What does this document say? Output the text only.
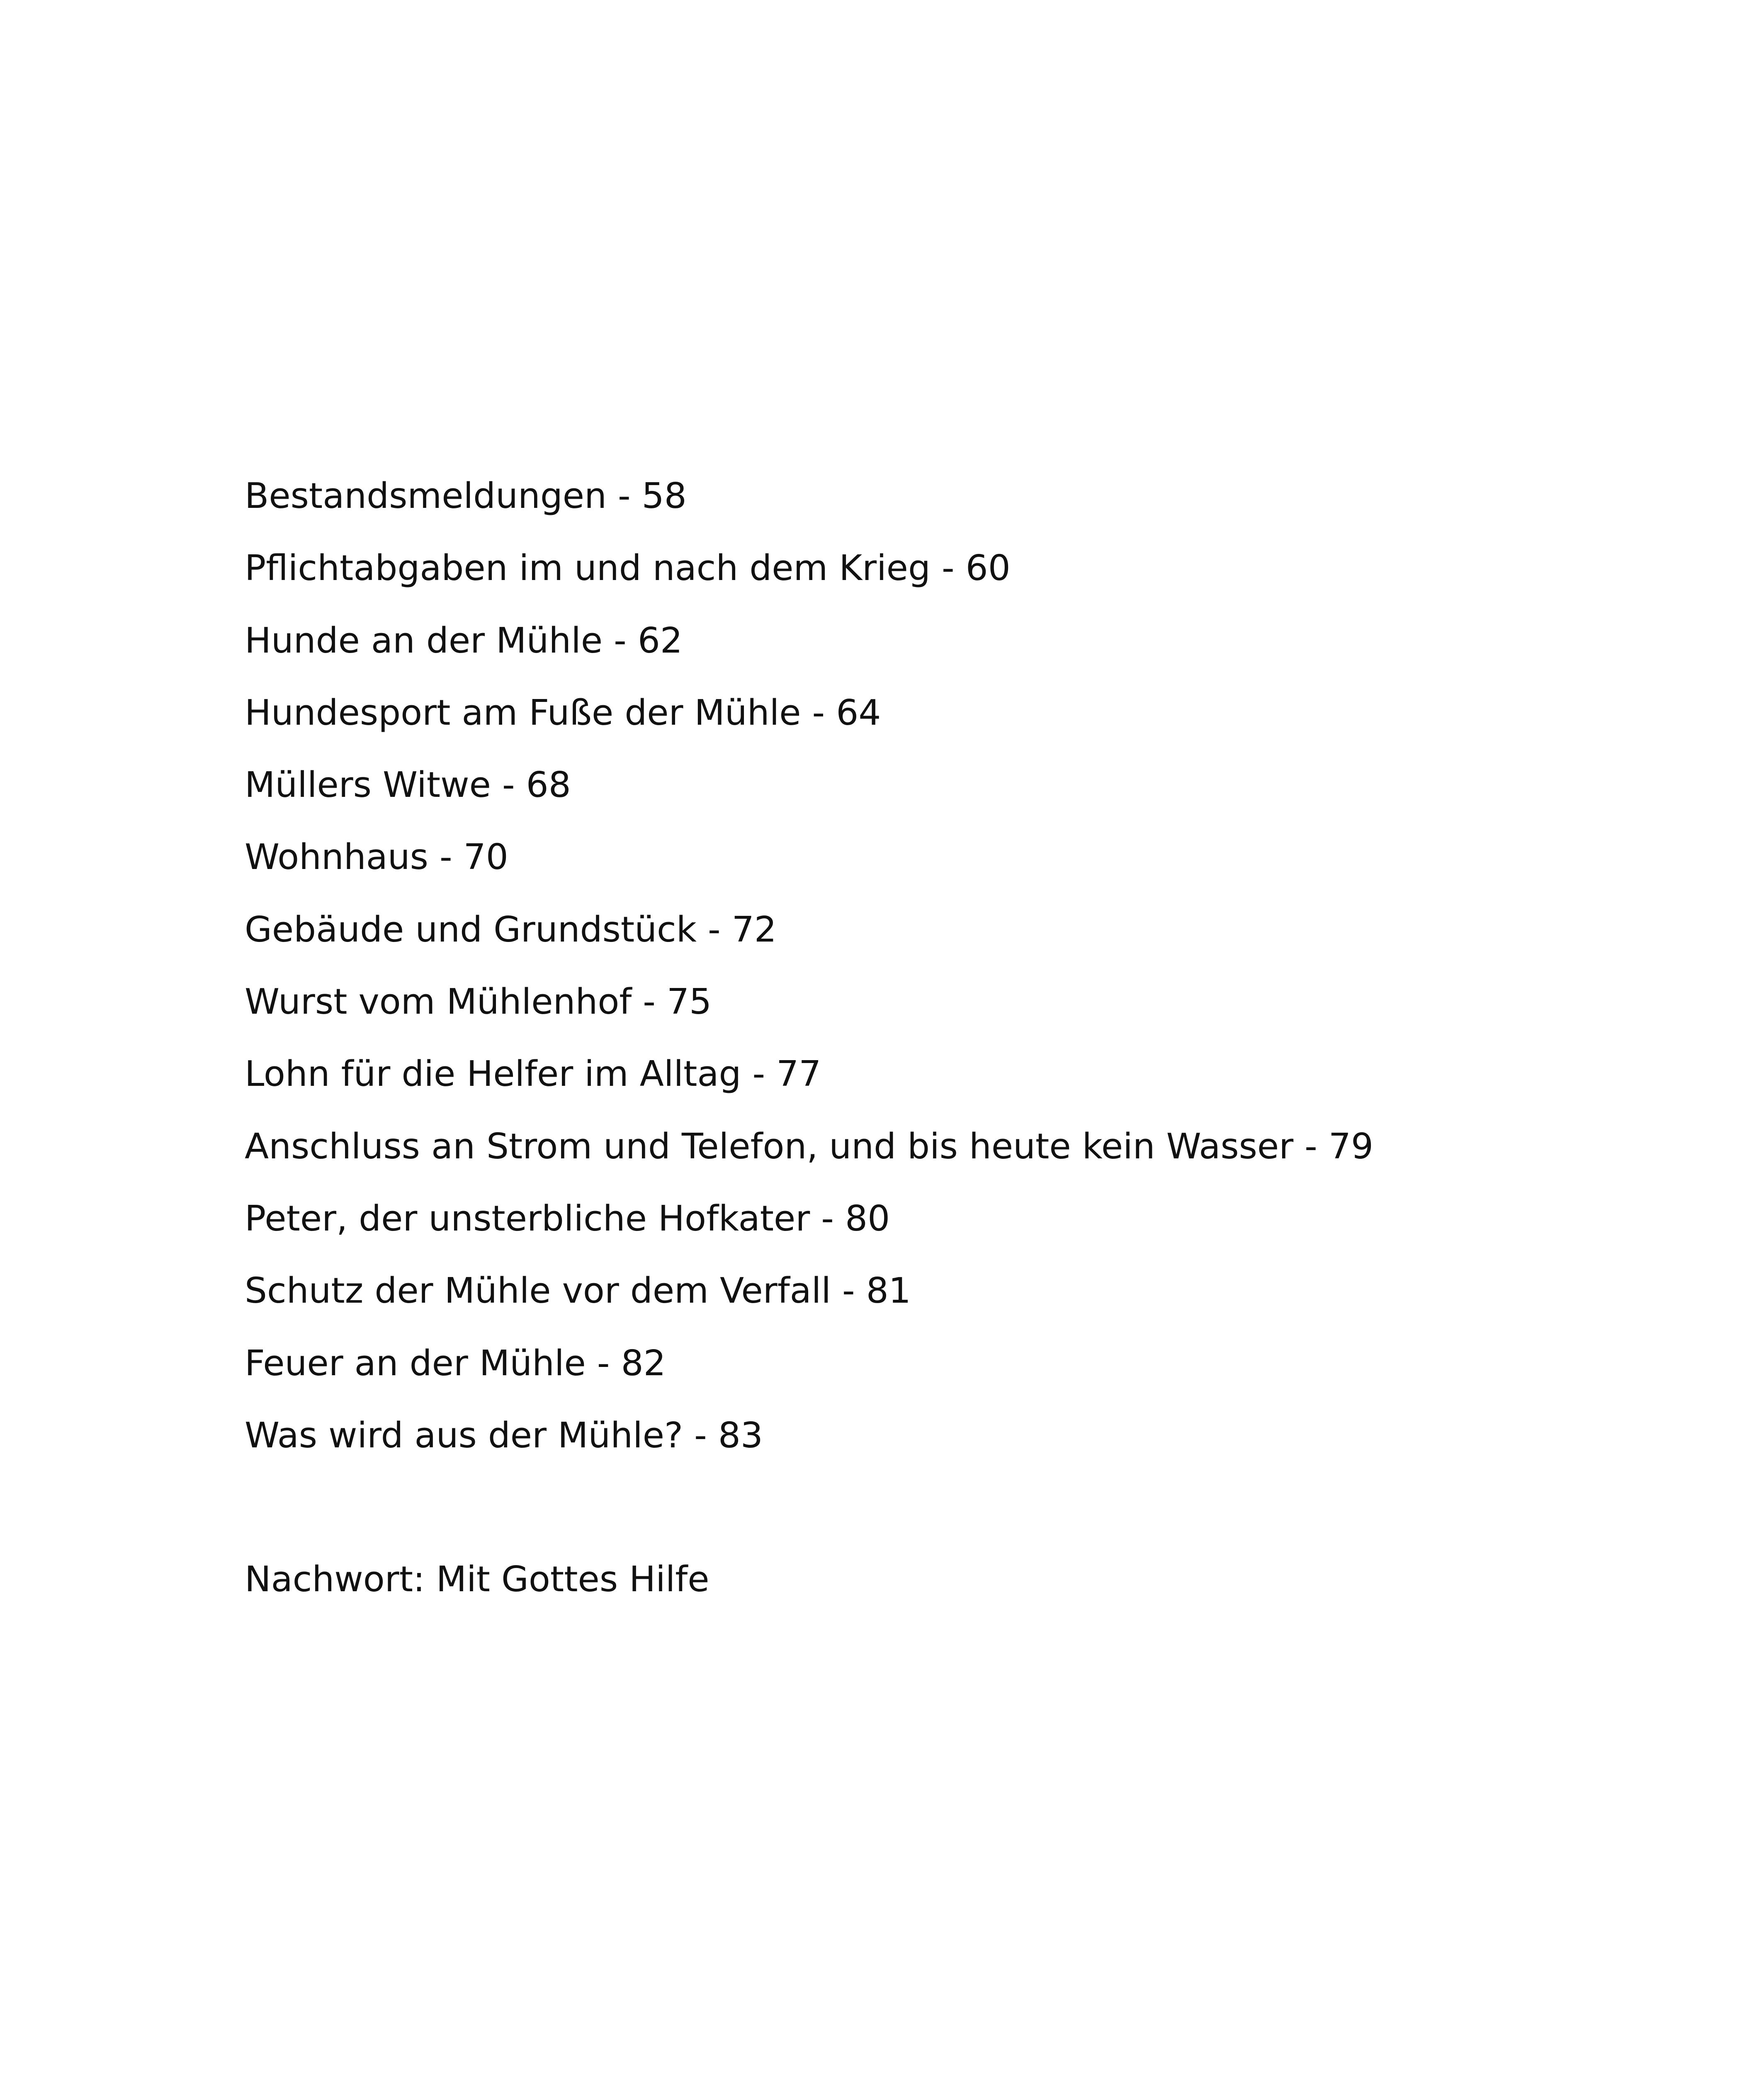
Bestandsmeldungen - 58
Pflichtabgaben im und nach dem Krieg - 60
Hunde an der Mühle - 62
Hundesport am Fuße der Mühle - 64
Müllers Witwe - 68
Wohnhaus - 70
Gebäude und Grundstück - 72
Wurst vom Mühlenhof - 75
Lohn für die Helfer im Alltag - 77
Anschluss an Strom und Telefon, und bis heute kein Wasser - 79
Peter, der unsterbliche Hofkater - 80
Schutz der Mühle vor dem Verfall - 81
Feuer an der Mühle - 82
Was wird aus der Mühle? - 83

Nachwort: Mit Gottes Hilfe
